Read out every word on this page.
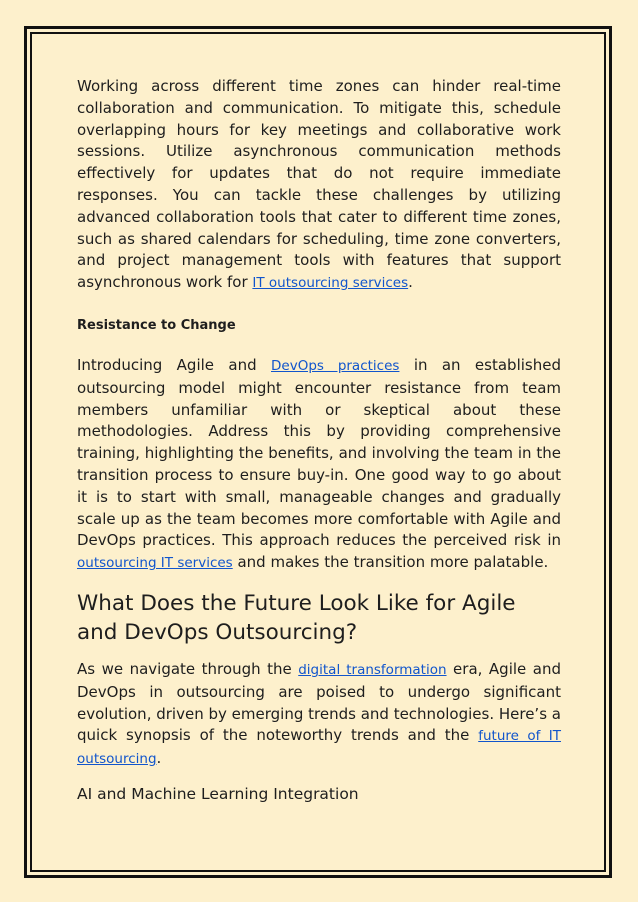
Working across different time zones can hinder real-time collaboration and communication. To mitigate this, schedule overlapping hours for key meetings and collaborative work sessions. Utilize asynchronous communication methods effectively for updates that do not require immediate responses. You can tackle these challenges by utilizing advanced collaboration tools that cater to different time zones, such as shared calendars for scheduling, time zone converters, and project management tools with features that support asynchronous work for IT outsourcing services.

Resistance to Change

Introducing Agile and DevOps practices in an established outsourcing model might encounter resistance from team members unfamiliar with or skeptical about these methodologies. Address this by providing comprehensive training, highlighting the benefits, and involving the team in the transition process to ensure buy-in. One good way to go about it is to start with small, manageable changes and gradually scale up as the team becomes more comfortable with Agile and DevOps practices. This approach reduces the perceived risk in outsourcing IT services and makes the transition more palatable.

What Does the Future Look Like for Agile and DevOps Outsourcing?

As we navigate through the digital transformation era, Agile and DevOps in outsourcing are poised to undergo significant evolution, driven by emerging trends and technologies. Here’s a quick synopsis of the noteworthy trends and the future of IT outsourcing.

AI and Machine Learning Integration
